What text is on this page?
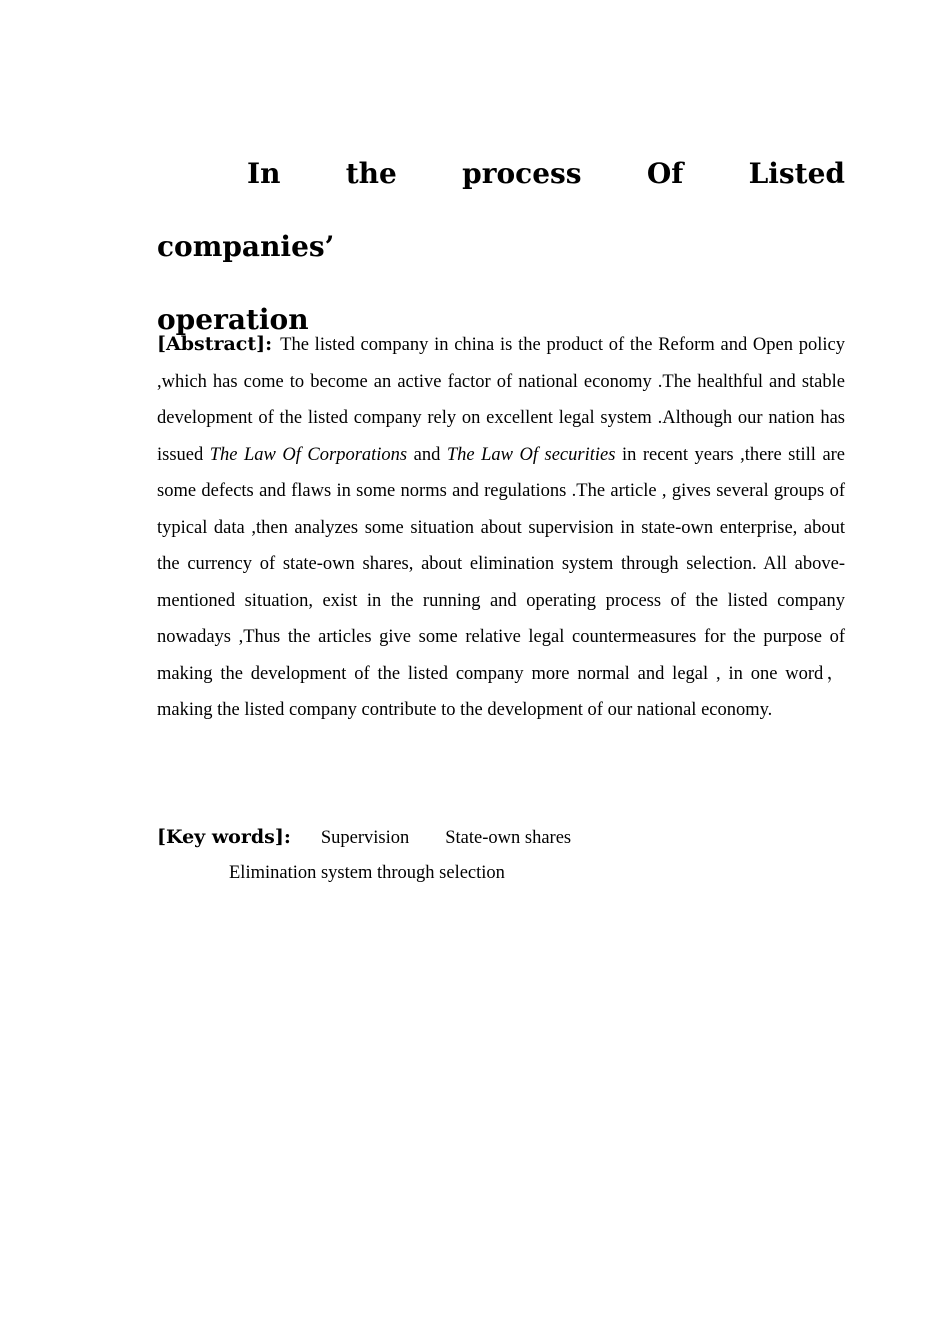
In the process Of Listed companies’
operation

[Abstract]: The listed company in china is the product of the Reform and Open policy ,which has come to become an active factor of national economy .The healthful and stable development of the listed company rely on excellent legal system .Although our nation has issued The Law Of Corporations and The Law Of securities in recent years ,there still are some defects and flaws in some norms and regulations .The article , gives several groups of typical data ,then analyzes some situation about supervision in state-own enterprise, about the currency of state-own shares, about elimination system through selection. All above-mentioned situation, exist in the running and operating process of the listed company nowadays ,Thus the articles give some relative legal countermeasures for the purpose of making the development of the listed company more normal and legal , in one word， making the listed company contribute to the development of our national economy.

[Key words]: Supervision State-own shares
Elimination system through selection
